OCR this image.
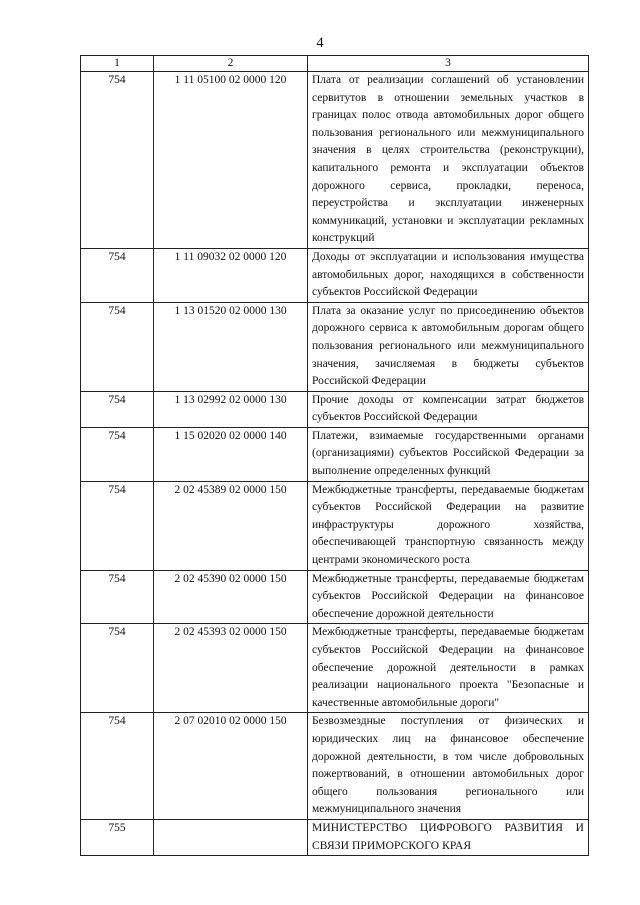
4
1	2	3
754	1 11 05100 02 0000 120	Плата от реализации соглашений об установлении сервитутов в отношении земельных участков в границах полос отвода автомобильных дорог общего пользования регионального или межмуниципального значения в целях строительства (реконструкции), капитального ремонта и эксплуатации объектов дорожного сервиса, прокладки, переноса, переустройства и эксплуатации инженерных коммуникаций, установки и эксплуатации рекламных конструкций
754	1 11 09032 02 0000 120	Доходы от эксплуатации и использования имущества автомобильных дорог, находящихся в собственности субъектов Российской Федерации
754	1 13 01520 02 0000 130	Плата за оказание услуг по присоединению объектов дорожного сервиса к автомобильным дорогам общего пользования регионального или межмуниципального значения, зачисляемая в бюджеты субъектов Российской Федерации
754	1 13 02992 02 0000 130	Прочие доходы от компенсации затрат бюджетов субъектов Российской Федерации
754	1 15 02020 02 0000 140	Платежи, взимаемые государственными органами (организациями) субъектов Российской Федерации за выполнение определенных функций
754	2 02 45389 02 0000 150	Межбюджетные трансферты, передаваемые бюджетам субъектов Российской Федерации на развитие инфраструктуры дорожного хозяйства, обеспечивающей транспортную связанность между центрами экономического роста
754	2 02 45390 02 0000 150	Межбюджетные трансферты, передаваемые бюджетам субъектов Российской Федерации на финансовое обеспечение дорожной деятельности
754	2 02 45393 02 0000 150	Межбюджетные трансферты, передаваемые бюджетам субъектов Российской Федерации на финансовое обеспечение дорожной деятельности в рамках реализации национального проекта "Безопасные и качественные автомобильные дороги"
754	2 07 02010 02 0000 150	Безвозмездные поступления от физических и юридических лиц на финансовое обеспечение дорожной деятельности, в том числе добровольных пожертвований, в отношении автомобильных дорог общего пользования регионального или межмуниципального значения
755		МИНИСТЕРСТВО ЦИФРОВОГО РАЗВИТИЯ И СВЯЗИ ПРИМОРСКОГО КРАЯ
